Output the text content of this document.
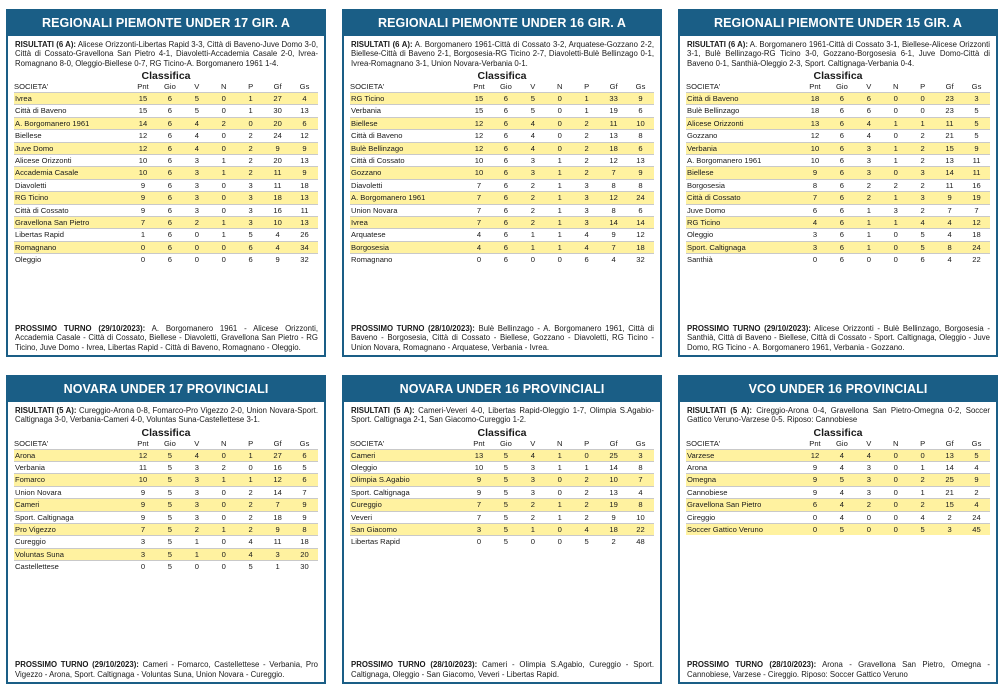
REGIONALI PIEMONTE UNDER 17 GIR. A
RISULTATI (6 A): Alicese Orizzonti-Libertas Rapid 3-3, Città di Baveno-Juve Domo 3-0, Città di Cossato-Gravellona San Pietro 4-1, Diavoletti-Accademia Casale 2-0, Ivrea-Romagnano 8-0, Oleggio-Biellese 0-7, RG Ticino-A. Borgomanero 1961 1-4.
Classifica
SOCIETA'	Pnt	Gio	V	N	P	Gf	Gs
Ivrea	15	6	5	0	1	27	4
Città di Baveno	15	6	5	0	1	30	13
A. Borgomanero 1961	14	6	4	2	0	20	6
Biellese	12	6	4	0	2	24	12
Juve Domo	12	6	4	0	2	9	9
Alicese Orizzonti	10	6	3	1	2	20	13
Accademia Casale	10	6	3	1	2	11	9
Diavoletti	9	6	3	0	3	11	18
RG Ticino	9	6	3	0	3	18	13
Città di Cossato	9	6	3	0	3	16	11
Gravellona San Pietro	7	6	2	1	3	10	13
Libertas Rapid	1	6	0	1	5	4	26
Romagnano	0	6	0	0	6	4	34
Oleggio	0	6	0	0	6	9	32
PROSSIMO TURNO (29/10/2023): A. Borgomanero 1961 - Alicese Orizzonti, Accademia Casale - Città di Cossato, Biellese - Diavoletti, Gravellona San Pietro - RG Ticino, Juve Domo - Ivrea, Libertas Rapid - Città di Baveno, Romagnano - Oleggio.
REGIONALI PIEMONTE UNDER 16 GIR. A
RISULTATI (6 A): A. Borgomanero 1961-Città di Cossato 3-2, Arquatese-Gozzano 2-2, Biellese-Città di Baveno 2-1, Borgosesia-RG Ticino 2-7, Diavoletti-Bulè Bellinzago 0-1, Ivrea-Romagnano 3-1, Union Novara-Verbania 0-1.
Classifica
SOCIETA'	Pnt	Gio	V	N	P	Gf	Gs
RG Ticino	15	6	5	0	1	33	9
Verbania	15	6	5	0	1	19	6
Biellese	12	6	4	0	2	11	10
Città di Baveno	12	6	4	0	2	13	8
Bulè Bellinzago	12	6	4	0	2	18	6
Città di Cossato	10	6	3	1	2	12	13
Gozzano	10	6	3	1	2	7	9
Diavoletti	7	6	2	1	3	8	8
A. Borgomanero 1961	7	6	2	1	3	12	24
Union Novara	7	6	2	1	3	8	6
Ivrea	7	6	2	1	3	14	14
Arquatese	4	6	1	1	4	9	12
Borgosesia	4	6	1	1	4	7	18
Romagnano	0	6	0	0	6	4	32
PROSSIMO TURNO (28/10/2023): Bulè Bellinzago - A. Borgomanero 1961, Città di Baveno - Borgosesia, Città di Cossato - Biellese, Gozzano - Diavoletti, RG Ticino - Union Novara, Romagnano - Arquatese, Verbania - Ivrea.
REGIONALI PIEMONTE UNDER 15 GIR. A
RISULTATI (6 A): A. Borgomanero 1961-Città di Cossato 3-1, Biellese-Alicese Orizzonti 3-1, Bulè Bellinzago-RG Ticino 3-0, Gozzano-Borgosesia 6-1, Juve Domo-Città di Baveno 0-1, Santhià-Oleggio 2-3, Sport. Caltignaga-Verbania 0-4.
Classifica
SOCIETA'	Pnt	Gio	V	N	P	Gf	Gs
Città di Baveno	18	6	6	0	0	23	3
Bulè Bellinzago	18	6	6	0	0	23	5
Alicese Orizzonti	13	6	4	1	1	11	5
Gozzano	12	6	4	0	2	21	5
Verbania	10	6	3	1	2	15	9
A. Borgomanero 1961	10	6	3	1	2	13	11
Biellese	9	6	3	0	3	14	11
Borgosesia	8	6	2	2	2	11	16
Città di Cossato	7	6	2	1	3	9	19
Juve Domo	6	6	1	3	2	7	7
RG Ticino	4	6	1	1	4	4	12
Oleggio	3	6	1	0	5	4	18
Sport. Caltignaga	3	6	1	0	5	8	24
Santhià	0	6	0	0	6	4	22
PROSSIMO TURNO (29/10/2023): Alicese Orizzonti - Bulè Bellinzago, Borgosesia - Santhià, Città di Baveno - Biellese, Città di Cossato - Sport. Caltignaga, Oleggio - Juve Domo, RG Ticino - A. Borgomanero 1961, Verbania - Gozzano.
NOVARA UNDER 17 PROVINCIALI
RISULTATI (5 A): Cureggio-Arona 0-8, Fomarco-Pro Vigezzo 2-0, Union Novara-Sport. Caltignaga 3-0, Verbania-Cameri 4-0, Voluntas Suna-Castellettese 3-1.
Classifica
SOCIETA'	Pnt	Gio	V	N	P	Gf	Gs
Arona	12	5	4	0	1	27	6
Verbania	11	5	3	2	0	16	5
Fomarco	10	5	3	1	1	12	6
Union Novara	9	5	3	0	2	14	7
Cameri	9	5	3	0	2	7	9
Sport. Caltignaga	9	5	3	0	2	18	9
Pro Vigezzo	7	5	2	1	2	9	8
Cureggio	3	5	1	0	4	11	18
Voluntas Suna	3	5	1	0	4	3	20
Castellettese	0	5	0	0	5	1	30
PROSSIMO TURNO (29/10/2023): Cameri - Fomarco, Castellettese - Verbania, Pro Vigezzo - Arona, Sport. Caltignaga - Voluntas Suna, Union Novara - Cureggio.
NOVARA UNDER 16 PROVINCIALI
RISULTATI (5 A): Cameri-Veveri 4-0, Libertas Rapid-Oleggio 1-7, Olimpia S.Agabio-Sport. Caltignaga 2-1, San Giacomo-Cureggio 1-2.
Classifica
SOCIETA'	Pnt	Gio	V	N	P	Gf	Gs
Cameri	13	5	4	1	0	25	3
Oleggio	10	5	3	1	1	14	8
Olimpia S.Agabio	9	5	3	0	2	10	7
Sport. Caltignaga	9	5	3	0	2	13	4
Cureggio	7	5	2	1	2	19	8
Veveri	7	5	2	1	2	9	10
San Giacomo	3	5	1	0	4	18	22
Libertas Rapid	0	5	0	0	5	2	48
PROSSIMO TURNO (28/10/2023): Cameri - Olimpia S.Agabio, Cureggio - Sport. Caltignaga, Oleggio - San Giacomo, Veveri - Libertas Rapid.
VCO UNDER 16 PROVINCIALI
RISULTATI (5 A): Cireggio-Arona 0-4, Gravellona San Pietro-Omegna 0-2, Soccer Gattico Veruno-Varzese 0-5. Riposo: Cannobiese
Classifica
SOCIETA'	Pnt	Gio	V	N	P	Gf	Gs
Varzese	12	4	4	0	0	13	5
Arona	9	4	3	0	1	14	4
Omegna	9	5	3	0	2	25	9
Cannobiese	9	4	3	0	1	21	2
Gravellona San Pietro	6	4	2	0	2	15	4
Cireggio	0	4	0	0	4	2	24
Soccer Gattico Veruno	0	5	0	0	5	3	45
PROSSIMO TURNO (28/10/2023): Arona - Gravellona San Pietro, Omegna - Cannobiese, Varzese - Cireggio. Riposo: Soccer Gattico Veruno
